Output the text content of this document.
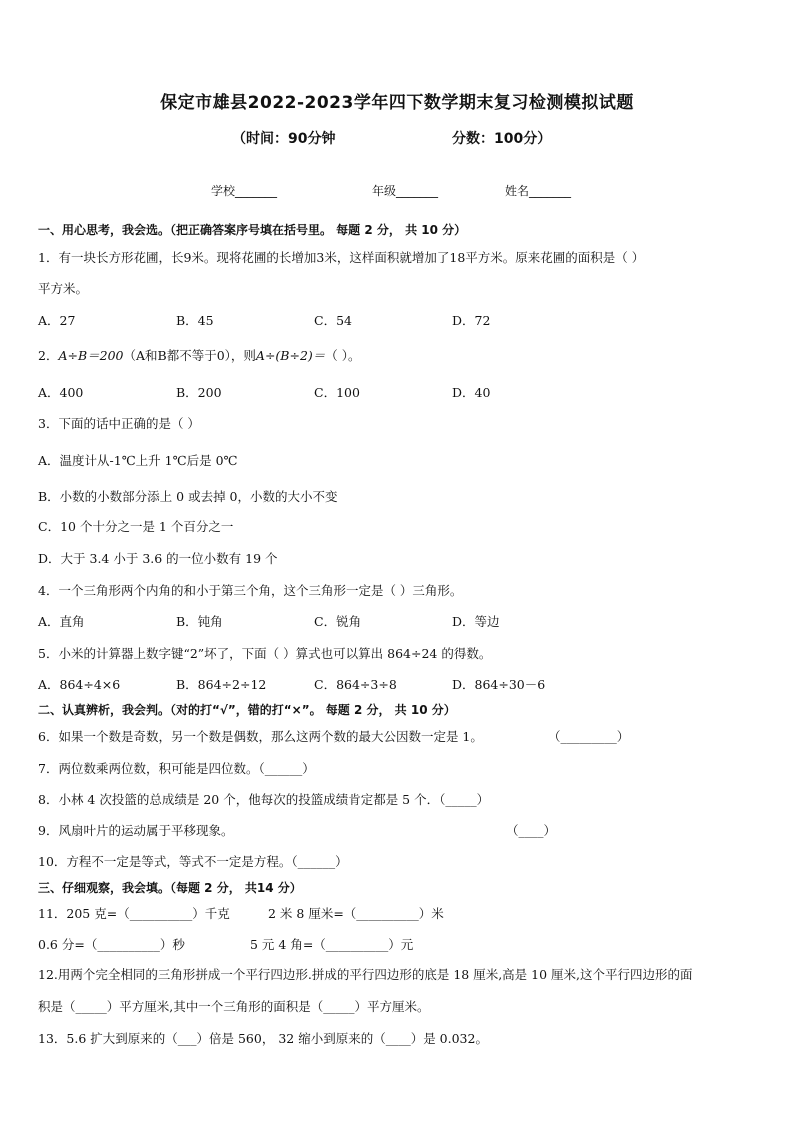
保定市雄县2022-2023学年四下数学期末复习检测模拟试题
（时间：90分钟	分数：100分）
学校_______	年级_______	姓名_______
一、用心思考，我会选。（把正确答案序号填在括号里。 每题 2 分， 共 10 分）
1．有一块长方形花圃，长9米。现将花圃的长增加3米，这样面积就增加了18平方米。原来花圃的面积是（ ）
平方米。
A．27	B．45	C．54	D．72
2．A÷B＝200（A和B都不等于0），则A÷(B÷2)＝（ ）。
A．400	B．200	C．100	D．40
3．下面的话中正确的是（ ）
A．温度计从-1℃上升 1℃后是 0℃
B．小数的小数部分添上 0 或去掉 0，小数的大小不变
C．10 个十分之一是 1 个百分之一
D．大于 3.4 小于 3.6 的一位小数有 19 个
4．一个三角形两个内角的和小于第三个角，这个三角形一定是（ ）三角形。
A．直角	B．钝角	C．锐角	D．等边
5．小米的计算器上数字键“2”坏了，下面（ ）算式也可以算出 864÷24 的得数。
A．864÷4×6	B．864÷2÷12	C．864÷3÷8	D．864÷30－6
二、认真辨析，我会判。（对的打“√”，错的打“×”。 每题 2 分， 共 10 分）
6．如果一个数是奇数，另一个数是偶数，那么这两个数的最大公因数一定是 1。	（_________）
7．两位数乘两位数，积可能是四位数。（______）
8．小林 4 次投篮的总成绩是 20 个，他每次的投篮成绩肯定都是 5 个．（_____）
9．风扇叶片的运动属于平移现象。	（____）
10．方程不一定是等式，等式不一定是方程。（______）
三、仔细观察，我会填。（每题 2 分， 共14 分）
11．205 克=（__________）千克	2 米 8 厘米=（__________）米
0.6 分=（__________）秒	5 元 4 角=（__________）元
12.用两个完全相同的三角形拼成一个平行四边形.拼成的平行四边形的底是 18 厘米,高是 10 厘米,这个平行四边形的面
积是（_____）平方厘米,其中一个三角形的面积是（_____）平方厘米。
13．5.6 扩大到原来的（___）倍是 560， 32 缩小到原来的（____）是 0.032。
